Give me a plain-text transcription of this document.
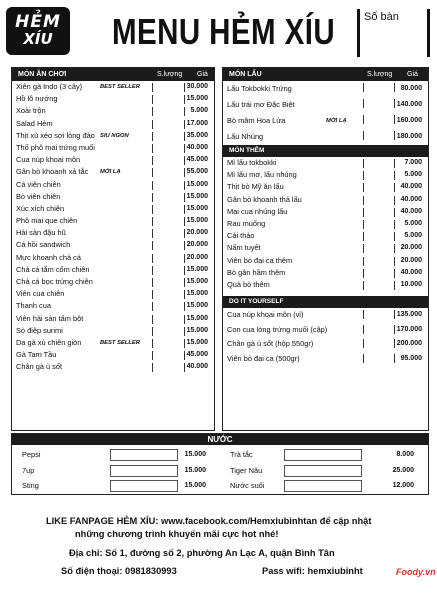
HẺM
XÍU MENU HẺM XÍU	Số bàn
MÓN ĂN CHƠI	S.lượng Giá
Xiên gà Indo (3 cây)	BEST SELLER	30.000
Hồ lô nướng	15.000
Xoài trộn	5.000
Salad Hẻm	17.000
Thịt xù xéo sợi lòng đào SIU NGON	35.000
Thố phô mai trứng muối	40.000
Cua núp khoai môn	45.000
Gân bò khoanh xả tắc MỚI LẠ	55.000
Cá viên chiên	15.000
Bò viên chiên	15.000
Xúc xích chiên	15.000
Phô mai que chiên	15.000
Hải sản đậu hũ	20.000
Cá hồi sandwich	20.000
Mực khoanh chả cá	20.000
Chả cá tắm cốm chiên	15.000
Chả cá bọc trứng chiên	15.000
Viên cua chiên	15.000
Thanh cua	15.000
Viên hải sản tẩm bột	15.000
Sò điệp surimi	15.000
Da gà xù chiên giòn	BEST SELLER	15.000
Gà Tam Tầu	45.000
Chân gà ủ sốt	40.000
MÓN LẨU	S.lượng Giá
Lẩu Tokbokki Trứng	80.000
Lẩu trái mơ Đặc Biệt	140.000
Bò mâm Hoa Lửa	MỚI LẠ	160.000
Lẩu Nhúng	180.000
MÓN THÊM
Mì lẩu tokbokki	7.000
Mì lẩu mơ, lẩu nhúng	5.000
Thịt bò Mỹ ăn lẩu	40.000
Gân bò khoanh thả lẩu	40.000
Mai cua nhúng lẩu	40.000
Rau muống	5.000
Cải thảo	5.000
Nấm tuyết	20.000
Viên bò đại ca thêm	20.000
Bò gân hầm thêm	40.000
Quả bò thêm	10.000
DO IT YOURSELF
Cua núp khoai môn (vỉ)	135.000
Con cua lòng trứng muối (cặp)	170.000
Chân gà ủ sốt (hộp 550gr)	200.000
Viên bò đại ca (500gr)	95.000
NƯỚC
Pepsi	15.000
7up	15.000
Sting	15.000
Trà tắc	8.000
Tiger Nâu	25.000
Nước suối	12.000
LIKE FANPAGE HẺM XÍU: www.facebook.com/Hemxiubinhtan để cập nhật
những chương trình khuyến mãi cực hot nhé!
Địa chỉ: Số 1, đường số 2, phường An Lạc A, quận Bình Tân
Số điện thoại: 0981830993	Pass wifi: hemxiubinht	Foody.vn
